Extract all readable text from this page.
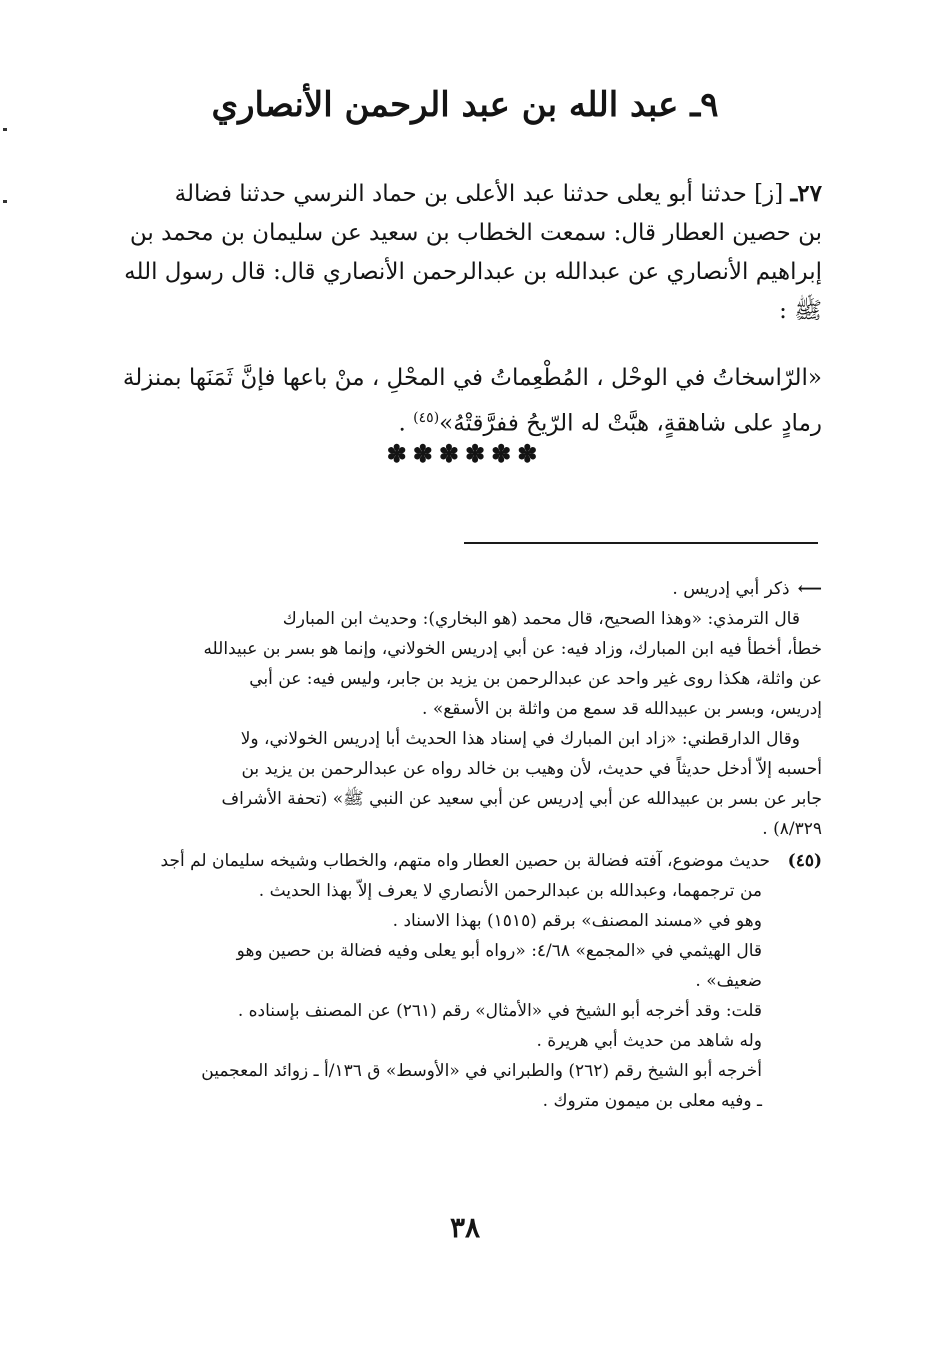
٩ـ عبد الله بن عبد الرحمن الأنصاري

٢٧ـ [ز] حدثنا أبو يعلى حدثنا عبد الأعلى بن حماد النرسي حدثنا فضالة

بن حصين العطار قال: سمعت الخطاب بن سعيد عن سليمان بن محمد بن

إبراهيم الأنصاري عن عبدالله بن عبدالرحمن الأنصاري قال: قال رسول الله

ﷺ :

«الرّاسخاتُ في الوحْل ، المُطْعِماتُ في المحْلِ ، منْ باعها فإنَّ ثَمَنَها بمنزلة

رمادٍ على شاهقةٍ، هبَّتْ له الرّيحُ ففرَّقتْهُ»$^{(٤٥)}$ .

✽✽✽✽✽✽
⟵ذكر أبي إدريس .
قال الترمذي: «وهذا الصحيح، قال محمد (هو البخاري): وحديث ابن المبارك
خطأ، أخطأ فيه ابن المبارك، وزاد فيه: عن أبي إدريس الخولاني، وإنما هو بسر بن عبيدالله
عن واثلة، هكذا روى غير واحد عن عبدالرحمن بن يزيد بن جابر، وليس فيه: عن أبي
إدريس، وبسر بن عبيدالله قد سمع من واثلة بن الأسقع» .
وقال الدارقطني: «زاد ابن المبارك في إسناد هذا الحديث أبا إدريس الخولاني، ولا
أحسبه إلاّ أدخل حديثاً في حديث، لأن وهيب بن خالد رواه عن عبدالرحمن بن يزيد بن
جابر عن بسر بن عبيدالله عن أبي إدريس عن أبي سعيد عن النبي ﷺ» (تحفة الأشراف
٨/٣٢٩) .
(٤٥)حديث موضوع، آفته فضالة بن حصين العطار واه متهم، والخطاب وشيخه سليمان لم أجد
من ترجمهما، وعبدالله بن عبدالرحمن الأنصاري لا يعرف إلاّ بهذا الحديث .
وهو في «مسند المصنف» برقم (١٥١٥) بهذا الاسناد .
قال الهيثمي في «المجمع» ٤/٦٨: «رواه أبو يعلى وفيه فضالة بن حصين وهو
ضعيف» .
قلت: وقد أخرجه أبو الشيخ في «الأمثال» رقم (٢٦١) عن المصنف بإسناده .
وله شاهد من حديث أبي هريرة .
أخرجه أبو الشيخ رقم (٢٦٢) والطبراني في «الأوسط» ق ١٣٦/أ ـ زوائد المعجمين
ـ وفيه معلى بن ميمون متروك .
٣٨
